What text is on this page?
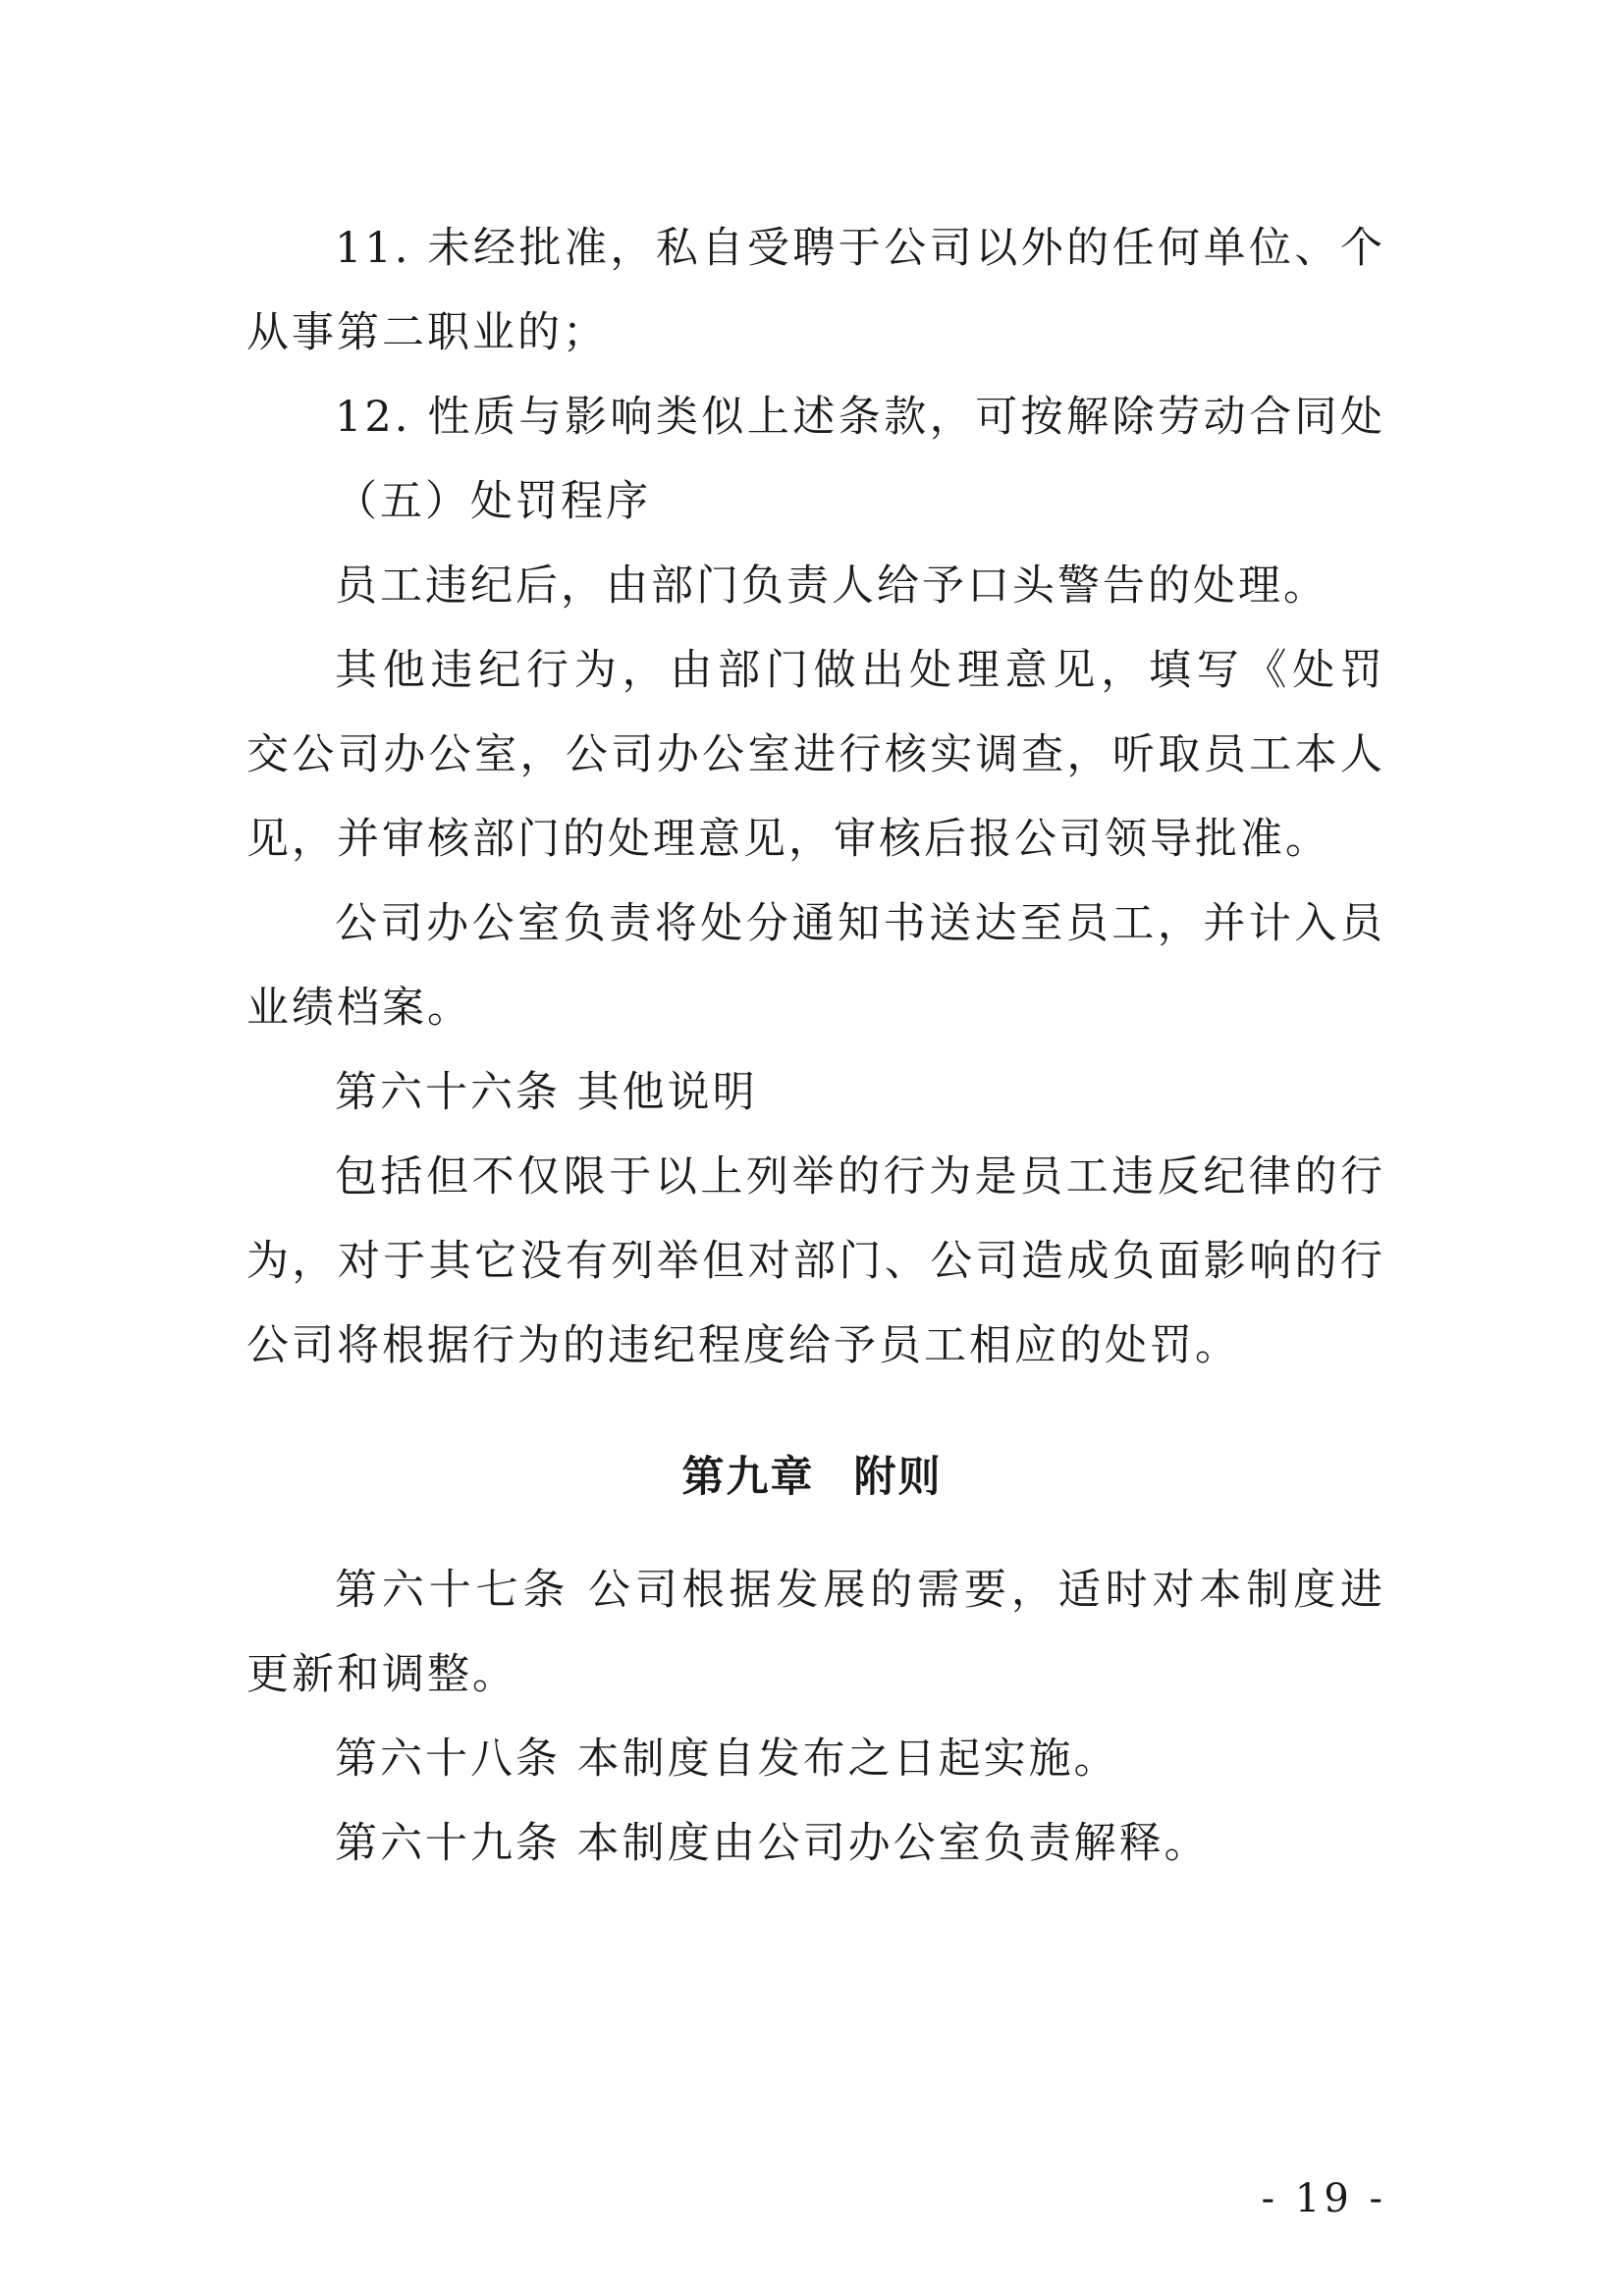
11. 未经批准，私自受聘于公司以外的任何单位、个
从事第二职业的；
12. 性质与影响类似上述条款，可按解除劳动合同处
（五）处罚程序
员工违纪后，由部门负责人给予口头警告的处理。
其他违纪行为，由部门做出处理意见，填写《处罚
交公司办公室，公司办公室进行核实调查，听取员工本人
见，并审核部门的处理意见，审核后报公司领导批准。
公司办公室负责将处分通知书送达至员工，并计入员
业绩档案。
第六十六条 其他说明
包括但不仅限于以上列举的行为是员工违反纪律的行
为，对于其它没有列举但对部门、公司造成负面影响的行
公司将根据行为的违纪程度给予员工相应的处罚。
第九章 附则
第六十七条 公司根据发展的需要，适时对本制度进
更新和调整。
第六十八条 本制度自发布之日起实施。
第六十九条 本制度由公司办公室负责解释。
- 19 -
